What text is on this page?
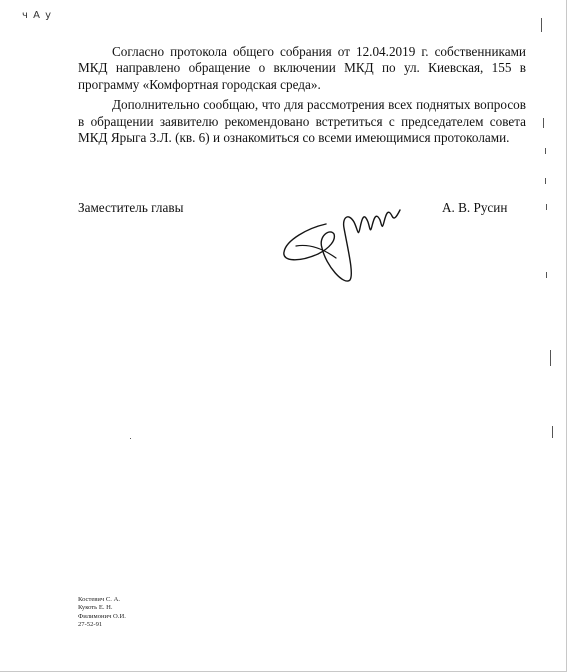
ч А у

Согласно протокола общего собрания от 12.04.2019 г. собственниками МКД направлено обращение о включении МКД по ул. Киевская, 155 в программу «Комфортная городская среда».

Дополнительно сообщаю, что для рассмотрения всех поднятых вопросов в обращении заявителю рекомендовано встретиться с председателем совета МКД Ярыга З.Л. (кв. 6) и ознакомиться со всеми имеющимися протоколами.

Заместитель главы	А. В. Русин
Костевич С. А.
Кукоть Е. Н.
Филимонич О.И.
27-52-91
